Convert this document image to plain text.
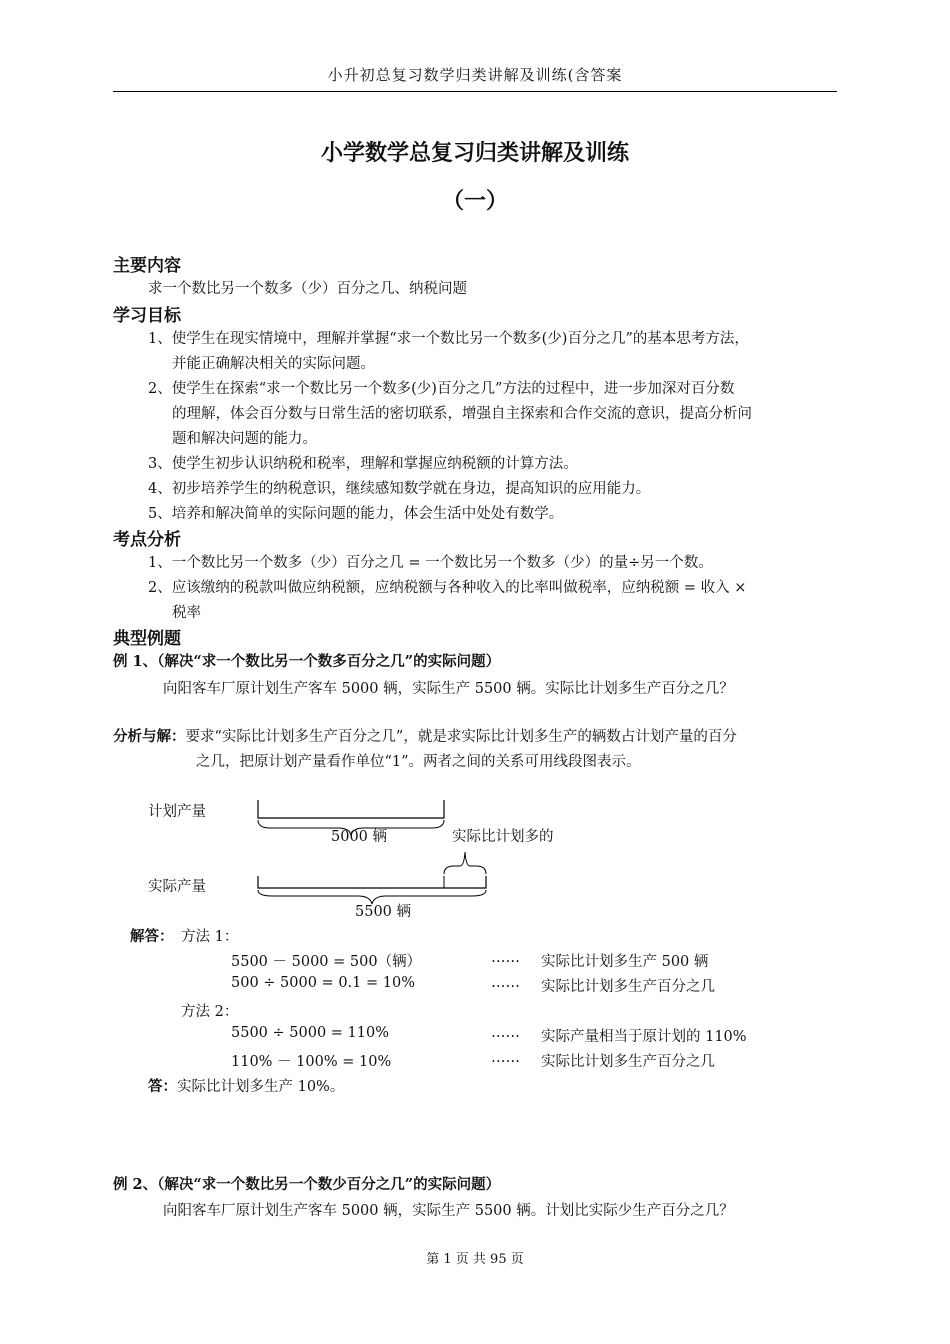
小升初总复习数学归类讲解及训练(含答案
小学数学总复习归类讲解及训练
（一）
主要内容
求一个数比另一个数多（少）百分之几、纳税问题
学习目标
1、使学生在现实情境中，理解并掌握“求一个数比另一个数多(少)百分之几”的基本思考方法，
并能正确解决相关的实际问题。
2、使学生在探索“求一个数比另一个数多(少)百分之几”方法的过程中，进一步加深对百分数
的理解，体会百分数与日常生活的密切联系，增强自主探索和合作交流的意识，提高分析问
题和解决问题的能力。
3、使学生初步认识纳税和税率，理解和掌握应纳税额的计算方法。
4、初步培养学生的纳税意识，继续感知数学就在身边，提高知识的应用能力。
5、培养和解决简单的实际问题的能力，体会生活中处处有数学。
考点分析
1、一个数比另一个数多（少）百分之几 = 一个数比另一个数多（少）的量÷另一个数。
2、应该缴纳的税款叫做应纳税额，应纳税额与各种收入的比率叫做税率，应纳税额 = 收入 ×
税率
典型例题
例 1、（解决“求一个数比另一个数多百分之几”的实际问题）
向阳客车厂原计划生产客车 5000 辆，实际生产 5500 辆。实际比计划多生产百分之几？
分析与解：要求“实际比计划多生产百分之几”，就是求实际比计划多生产的辆数占计划产量的百分
之几，把原计划产量看作单位“1”。两者之间的关系可用线段图表示。
计划产量
5000 辆	实际比计划多的
实际产量
5500 辆
解答： 方法 1：
5500 － 5000 = 500（辆）	…… 实际比计划多生产 500 辆
500 ÷ 5000 = 0.1 = 10%	…… 实际比计划多生产百分之几
方法 2：
5500 ÷ 5000 = 110%	…… 实际产量相当于原计划的 110%
110% － 100% = 10%	…… 实际比计划多生产百分之几
答：实际比计划多生产 10%。
例 2、（解决“求一个数比另一个数少百分之几”的实际问题）
向阳客车厂原计划生产客车 5000 辆，实际生产 5500 辆。计划比实际少生产百分之几？
第 1 页 共 95 页
